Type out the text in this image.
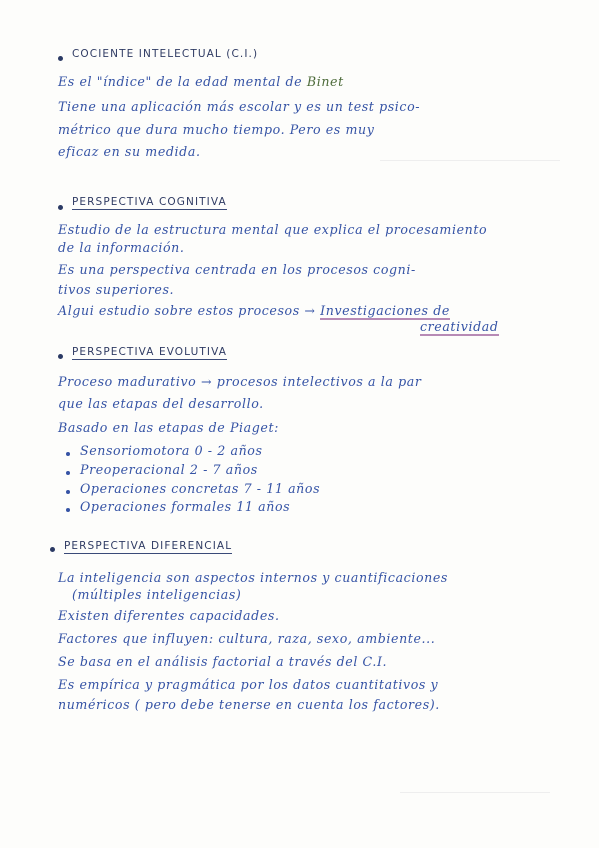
COCIENTE INTELECTUAL (C.I.)
Es el "índice" de la edad mental de Binet
Tiene una aplicación más escolar y es un test psico-
métrico que dura mucho tiempo. Pero es muy
eficaz en su medida.
PERSPECTIVA COGNITIVA
Estudio de la estructura mental que explica el procesamiento
de la información.
Es una perspectiva centrada en los procesos cogni-
tivos superiores.
Algui estudio sobre estos procesos → Investigaciones de
creatividad
PERSPECTIVA EVOLUTIVA
Proceso madurativo → procesos intelectivos a la par
que las etapas del desarrollo.
Basado en las etapas de Piaget:
Sensoriomotora 0 - 2 años
Preoperacional 2 - 7 años
Operaciones concretas 7 - 11 años
Operaciones formales 11 años
PERSPECTIVA DIFERENCIAL
La inteligencia son aspectos internos y cuantificaciones
(múltiples inteligencias)
Existen diferentes capacidades.
Factores que influyen: cultura, raza, sexo, ambiente...
Se basa en el análisis factorial a través del C.I.
Es empírica y pragmática por los datos cuantitativos y
numéricos ( pero debe tenerse en cuenta los factores).
